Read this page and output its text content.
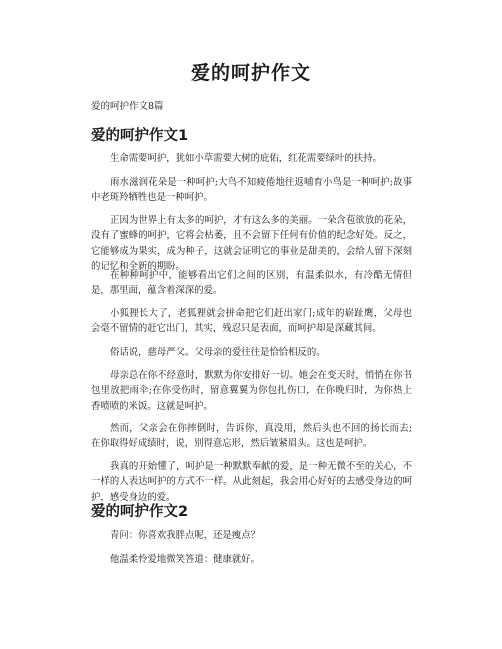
爱的呵护作文
爱的呵护作文8篇
爱的呵护作文1

生命需要呵护，犹如小草需要大树的庇佑，红花需要绿叶的扶持。

雨水滋润花朵是一种呵护;大鸟不知疲倦地往返哺育小鸟是一种呵护;故事中老斑羚牺牲也是一种呵护。

正因为世界上有太多的呵护，才有这么多的美丽。一朵含苞欲放的花朵，没有了蜜蜂的呵护，它将会枯萎，且不会留下任何有价值的纪念好处。反之，它能够成为果实，成为种子，这就会证明它的事业是甜美的，会给人留下深刻的记忆和全新的期盼。

在种种呵护中，能够看出它们之间的区别，有温柔似水，有冷酷无情但是，那里面，蕴含着深深的爱。

小狐狸长大了，老狐狸就会拼命把它们赶出家门;成年的崭趾鹰，父母也会毫不留情的赶它出门，其实，残忍只是表面，而呵护却是深藏其间。

俗话说，慈母严父。父母亲的爱往往是恰恰相反的。

母亲总在你不经意时，默默为你安排好一切。她会在变天时，悄悄在你书包里放把雨伞;在你受伤时，留意翼翼为你包扎伤口，在你晚归时，为你热上香喷喷的米饭。这就是呵护。

然而，父亲会在你摔倒时，告诉你，真没用，然后头也不回的扬长而去;在你取得好成绩时，说，别得意忘形，然后皱紧眉头。这也是呵护。

我真的开始懂了，呵护是一种默默奉献的爱，是一种无微不至的关心，不一样的人表达呵护的方式不一样。从此刻起，我会用心好好的去感受身边的呵护，感受身边的爱。

爱的呵护作文2

青问：你喜欢我胖点呢，还是瘦点？

他温柔怜爱地微笑答道：健康就好。
